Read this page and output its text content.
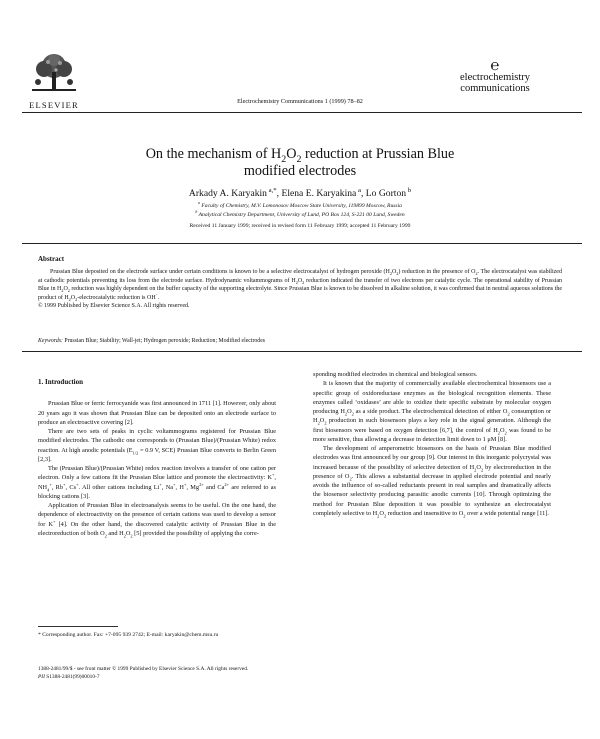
ELSEVIER	Electrochemistry Communications 1 (1999) 78–82
℮
electrochemistry
communications
On the mechanism of $H_2O_2$ reduction at Prussian Blue
modified electrodes
Arkady A. Karyakin $^{a,*}$, Elena E. Karyakina $^a$, Lo Gorton $^b$
$^a$ Faculty of Chemistry, M.V. Lomonosov Moscow State University, 119899 Moscow, Russia
$^b$ Analytical Chemistry Department, University of Lund, PO Box 124, S-221 00 Lund, Sweden
Received 11 January 1999; received in revised form 11 February 1999; accepted 11 February 1999
Abstract

Prussian Blue deposited on the electrode surface under certain conditions is known to be a selective electrocatalyst of hydrogen peroxide $(H_2O_2)$ reduction in the presence of $O_2$. The electrocatalyst was stabilized at cathodic potentials preventing its loss from the electrode surface. Hydrodynamic voltammograms of $H_2O_2$ reduction indicated the transfer of two electrons per catalytic cycle. The operational stability of Prussian Blue in $H_2O_2$ reduction was highly dependent on the buffer capacity of the supporting electrolyte. Since Prussian Blue is known to be dissolved in alkaline solution, it was confirmed that in neutral aqueous solutions the product of $H_2O_2$-electrocatalytic reduction is OH−.

© 1999 Published by Elsevier Science S.A. All rights reserved.
Keywords: Prussian Blue; Stability; Wall-jet; Hydrogen peroxide; Reduction; Modified electrodes
1. Introduction

Prussian Blue or ferric ferrocyanide was first announced in 1711 [1]. However, only about 20 years ago it was shown that Prussian Blue can be deposited onto an electrode surface to produce an electroactive covering [2].

There are two sets of peaks in cyclic voltammograms registered for Prussian Blue modified electrodes. The cathodic one corresponds to (Prussian Blue)/(Prussian White) redox reaction. At high anodic potentials ($E_{1/2} = 0.9$ V, SCE) Prussian Blue converts to Berlin Green [2,3].

The (Prussian Blue)/(Prussian White) redox reaction involves a transfer of one cation per electron. Only a few cations fit the Prussian Blue lattice and promote the electroactivity: K+, $NH_4^+$, Rb+, Cs+. All other cations including Li+, Na+, H+, $Mg^{2+}$ and $Ca^{2+}$ are referred to as blocking cations [3].

Application of Prussian Blue in electroanalysis seems to be useful. On the one hand, the dependence of electroactivity on the presence of certain cations was used to develop a sensor for K+ [4]. On the other hand, the discovered catalytic activity of Prussian Blue in the electroreduction of both $O_2$ and $H_2O_2$ [5] provided the possibility of applying the corre-

sponding modified electrodes in chemical and biological sensors.

It is known that the majority of commercially available electrochemical biosensors use a specific group of oxidoreductase enzymes as the biological recognition elements. These enzymes called ‘oxidases’ are able to oxidize their specific substrate by molecular oxygen producing $H_2O_2$ as a side product. The electrochemical detection of either $O_2$ consumption or $H_2O_2$ production in such biosensors plays a key role in the signal generation. Although the first biosensors were based on oxygen detection [6,7], the control of $H_2O_2$ was found to be more sensitive, thus allowing a decrease in detection limit down to 1 μM [8].

The development of amperometric biosensors on the basis of Prussian Blue modified electrodes was first announced by our group [9]. Our interest in this inorganic polycrystal was increased because of the possibility of selective detection of $H_2O_2$ by electroreduction in the presence of $O_2$. This allows a substantial decrease in applied electrode potential and nearly avoids the influence of so-called reductants present in real samples and dramatically affects the biosensor selectivity producing parasitic anodic currents [10]. Through optimizing the method for Prussian Blue deposition it was possible to synthesize an electrocatalyst completely selective to $H_2O_2$ reduction and insensitive to $O_2$ over a wide potential range [11].

* Corresponding author. Fax: +7-095 939 2742; E-mail: karyakin@chem.msu.ru
1388-2481/99/$ - see front matter © 1999 Published by Elsevier Science S.A. All rights reserved.
PII S1388-2481(99)00010-7
